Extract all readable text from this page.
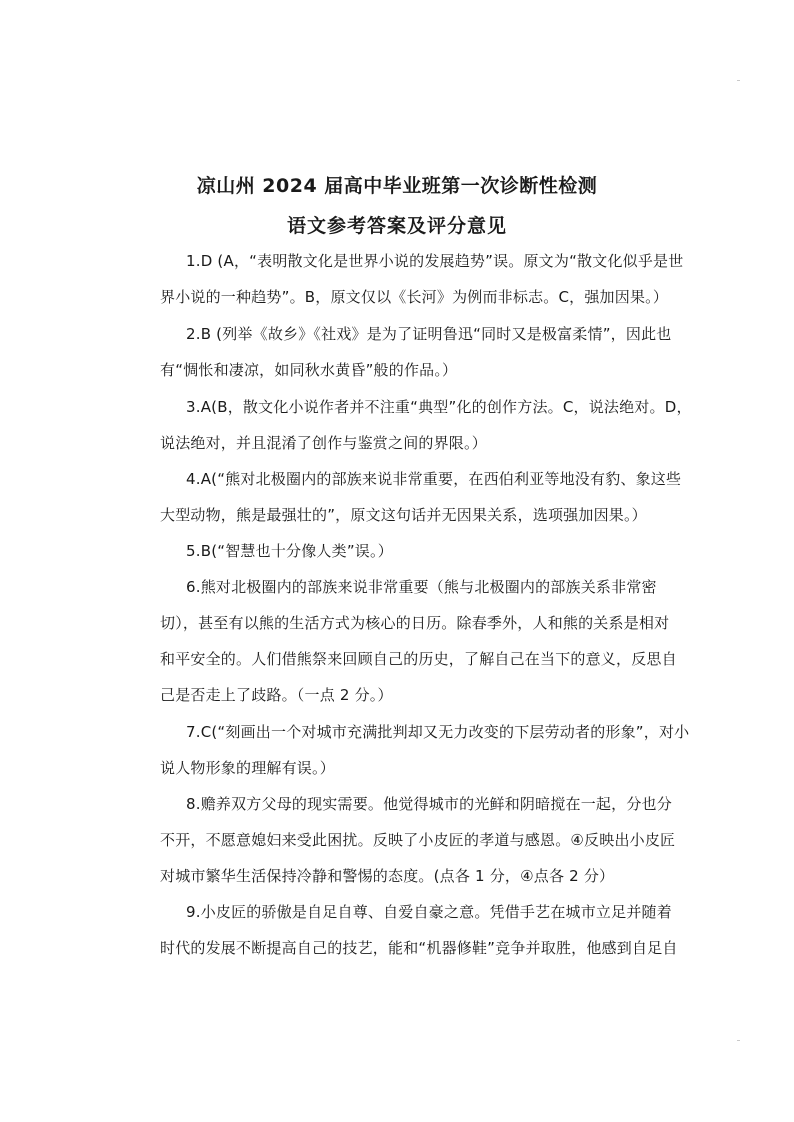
凉山州 2024 届高中毕业班第一次诊断性检测
语文参考答案及评分意见
1.D (A，“表明散文化是世界小说的发展趋势”误。原文为“散文化似乎是世
界小说的一种趋势”。B，原文仅以《长河》为例而非标志。C，强加因果。）
2.B (列举《故乡》《社戏》是为了证明鲁迅“同时又是极富柔情”，因此也
有“惆怅和凄凉，如同秋水黄昏”般的作品。）
3.A(B，散文化小说作者并不注重“典型”化的创作方法。C，说法绝对。D，
说法绝对，并且混淆了创作与鉴赏之间的界限。）
4.A(“熊对北极圈内的部族来说非常重要，在西伯利亚等地没有豹、象这些
大型动物，熊是最强壮的”，原文这句话并无因果关系，选项强加因果。）
5.B(“智慧也十分像人类”误。）
6.熊对北极圈内的部族来说非常重要（熊与北极圈内的部族关系非常密
切），甚至有以熊的生活方式为核心的日历。除春季外，人和熊的关系是相对
和平安全的。人们借熊祭来回顾自己的历史，了解自己在当下的意义，反思自
己是否走上了歧路。（一点 2 分。）
7.C(“刻画出一个对城市充满批判却又无力改变的下层劳动者的形象”，对小
说人物形象的理解有误。）
8.赡养双方父母的现实需要。他觉得城市的光鲜和阴暗搅在一起，分也分
不开，不愿意媳妇来受此困扰。反映了小皮匠的孝道与感恩。④反映出小皮匠
对城市繁华生活保持冷静和警惕的态度。(点各 1 分，④点各 2 分）
9.小皮匠的骄傲是自足自尊、自爱自豪之意。凭借手艺在城市立足并随着
时代的发展不断提高自己的技艺，能和“机器修鞋”竞争并取胜，他感到自足自
